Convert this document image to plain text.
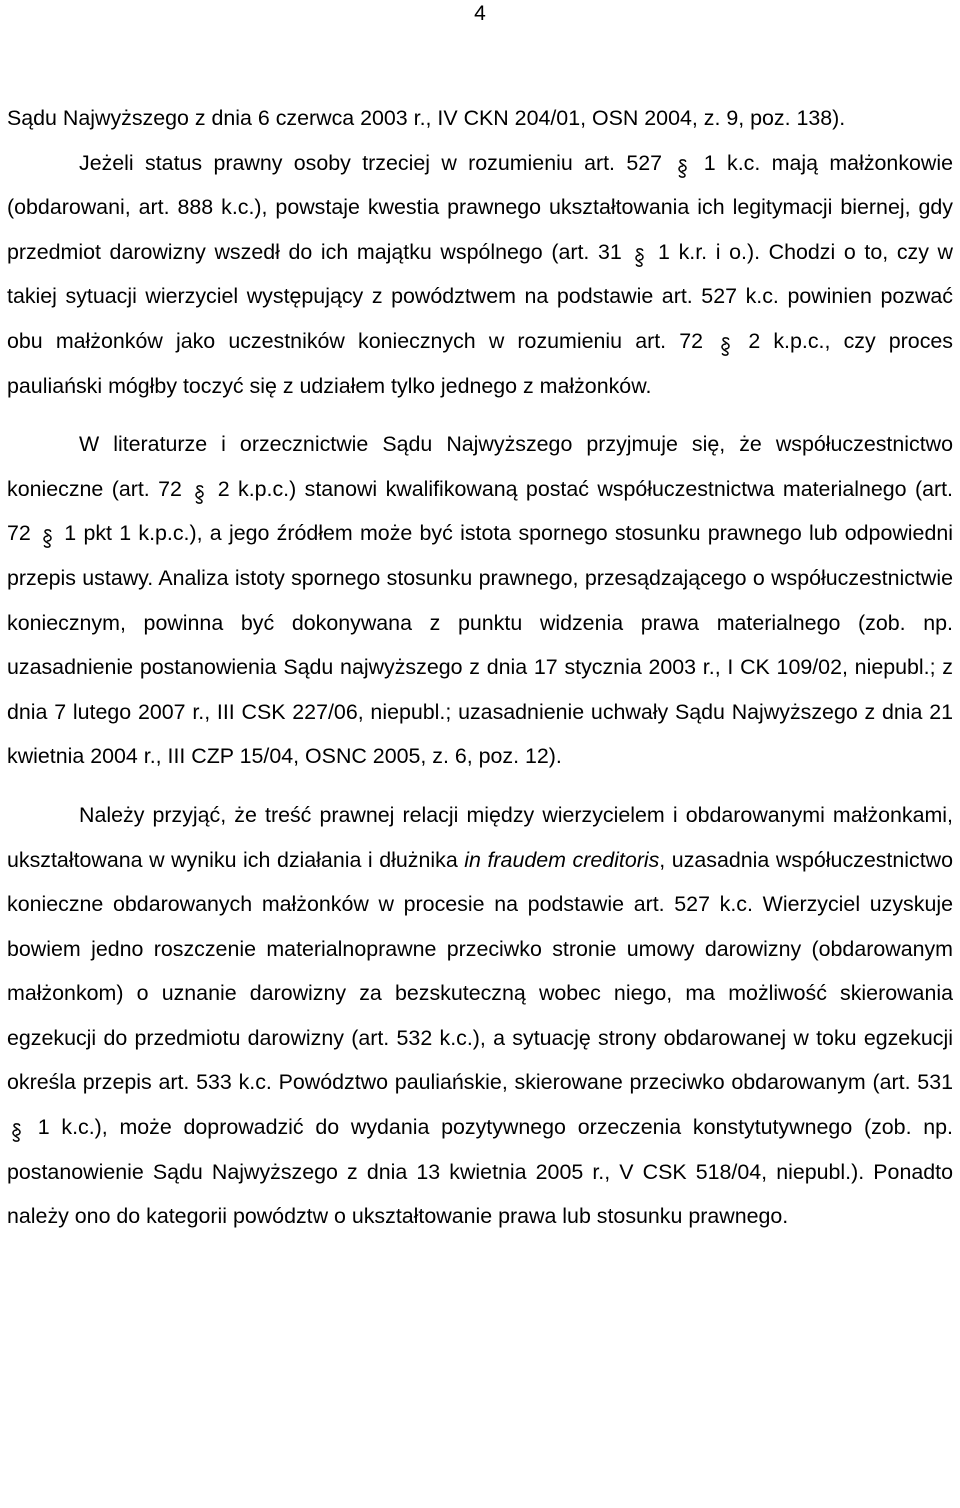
4

Sądu Najwyższego z dnia 6 czerwca 2003 r., IV CKN 204/01, OSN 2004, z. 9, poz. 138).

Jeżeli status prawny osoby trzeciej w rozumieniu art. 527
1 k.c. mają małżonkowie (obdarowani, art. 888 k.c.), powstaje kwestia prawnego ukształtowania ich legitymacji biernej, gdy przedmiot darowizny wszedł do ich majątku wspólnego (art. 31
1 k.r. i o.). Chodzi o to, czy w takiej sytuacji wierzyciel występujący z powództwem na podstawie art. 527 k.c. powinien pozwać obu małżonków jako uczestników koniecznych w rozumieniu art. 72
2 k.p.c., czy proces pauliański mógłby toczyć się z udziałem tylko jednego z małżonków.

W literaturze i orzecznictwie Sądu Najwyższego przyjmuje się, że współuczestnictwo konieczne (art. 72
2 k.p.c.) stanowi kwalifikowaną postać współuczestnictwa materialnego (art. 72
1 pkt 1 k.p.c.), a jego źródłem może być istota spornego stosunku prawnego lub odpowiedni przepis ustawy. Analiza istoty spornego stosunku prawnego, przesądzającego o współuczestnictwie koniecznym, powinna być dokonywana z punktu widzenia prawa materialnego (zob. np. uzasadnienie postanowienia Sądu najwyższego z dnia 17 stycznia 2003 r., I CK 109/02, niepubl.; z dnia 7 lutego 2007 r., III CSK 227/06, niepubl.; uzasadnienie uchwały Sądu Najwyższego z dnia 21 kwietnia 2004 r., III CZP 15/04, OSNC 2005, z. 6, poz. 12).

Należy przyjąć, że treść prawnej relacji między wierzycielem i obdarowanymi małżonkami, ukształtowana w wyniku ich działania i dłużnika in fraudem creditoris, uzasadnia współuczestnictwo konieczne obdarowanych małżonków w procesie na podstawie art. 527 k.c. Wierzyciel uzyskuje bowiem jedno roszczenie materialnoprawne przeciwko stronie umowy darowizny (obdarowanym małżonkom) o uznanie darowizny za bezskuteczną wobec niego, ma możliwość skierowania egzekucji do przedmiotu darowizny (art. 532 k.c.), a sytuację strony obdarowanej w toku egzekucji określa przepis art. 533 k.c. Powództwo pauliańskie, skierowane przeciwko obdarowanym (art. 531
1 k.c.), może doprowadzić do wydania pozytywnego orzeczenia konstytutywnego (zob. np. postanowienie Sądu Najwyższego z dnia 13 kwietnia 2005 r., V CSK 518/04, niepubl.). Ponadto należy ono do kategorii powództw o ukształtowanie prawa lub stosunku prawnego.
